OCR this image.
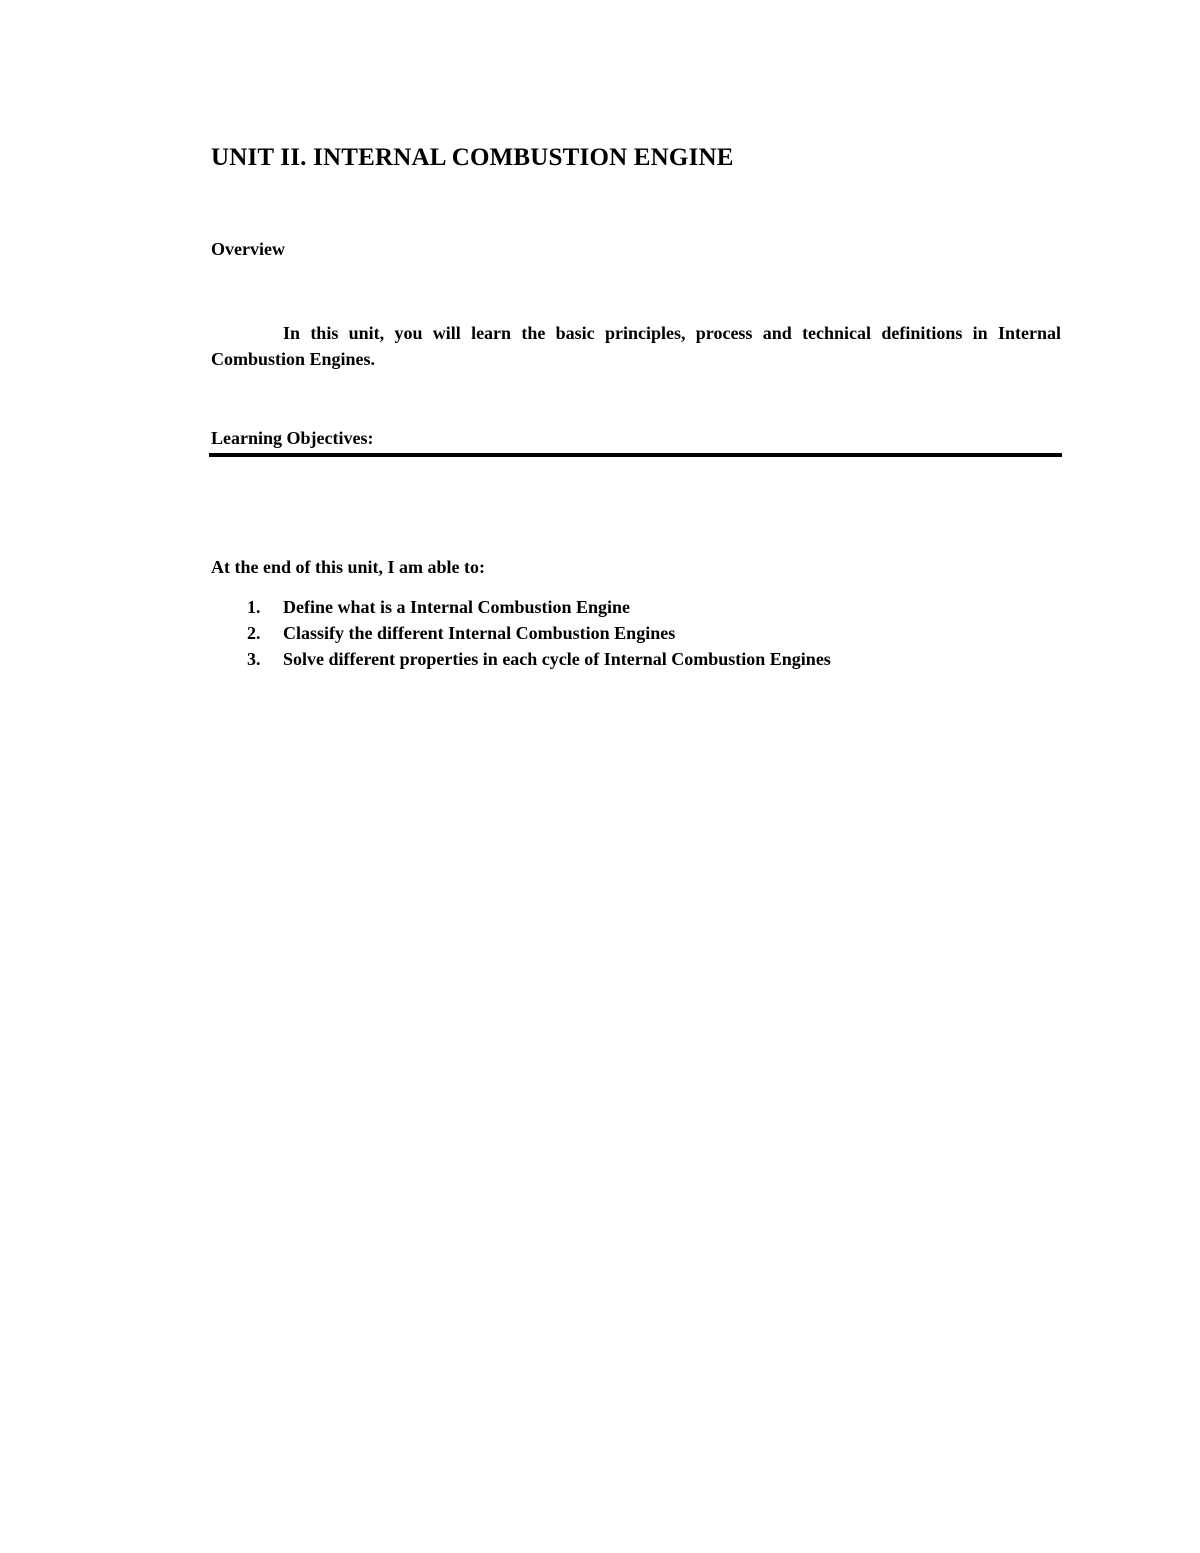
UNIT II. INTERNAL COMBUSTION ENGINE
Overview

In this unit, you will learn the basic principles, process and technical definitions in Internal Combustion Engines.

Learning Objectives:

At the end of this unit, I am able to:

1. Define what is a Internal Combustion Engine
2. Classify the different Internal Combustion Engines
3. Solve different properties in each cycle of Internal Combustion Engines
